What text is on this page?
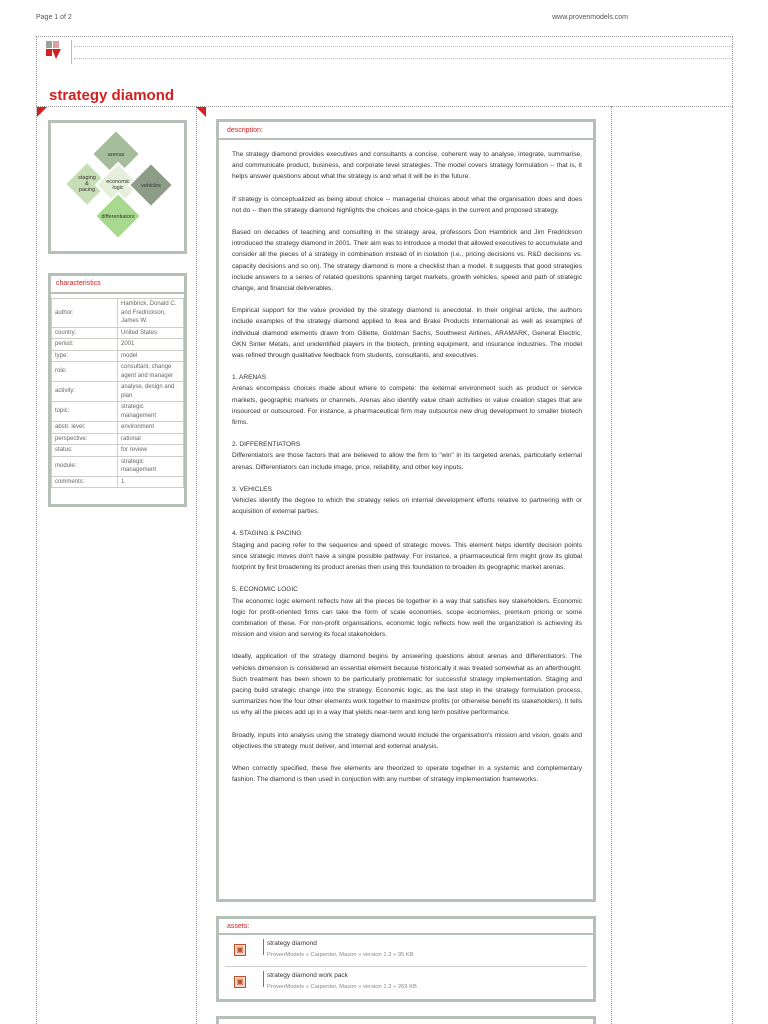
Page 1 of 2	www.provenmodels.com
strategy diamond
arenas
staging
&
pacing
economic
logic	vehicles
differentiators
characteristics
author:	Hambrick, Donald C. and Fredrickson, James W.
country:	United States
period:	2001
type:	model
role:	consultant, change agent and manager
activity:	analyse, design and plan
topic:	strategic management
abstr. level:	environment
perspective:	rational
status:	for review
module:	strategic management
comments:	1
description:

The strategy diamond provides executives and consultants a concise, coherent way to analyse, integrate, summarise, and communicate product, business, and corporate level strategies. The model covers strategy formulation -- that is, it helps answer questions about what the strategy is and what it will be in the future.

If strategy is conceptualized as being about choice -- managerial choices about what the organisation does and does not do -- then the strategy diamond highlights the choices and choice-gaps in the current and proposed strategy.

Based on decades of teaching and consulting in the strategy area, professors Don Hambrick and Jim Fredrickson introduced the strategy diamond in 2001. Their aim was to introduce a model that allowed executives to accumulate and consider all the pieces of a strategy in combination instead of in isolation (i.e., pricing decisions vs. R&D decisions vs. capacity decisions and so on). The strategy diamond is more a checklist than a model. It suggests that good strategies include answers to a series of related questions spanning target markets, growth vehicles, speed and path of strategic change, and financial deliverables.

Empirical support for the value provided by the strategy diamond is anecdotal. In their original article, the authors include examples of the strategy diamond applied to Ikea and Brake Products International as well as examples of individual diamond elements drawn from Gillette, Goldman Sachs, Southwest Airlines, ARAMARK, General Electric, GKN Sinter Metals, and unidentified players in the biotech, printing equipment, and insurance industries. The model was refined through qualitative feedback from students, consultants, and executives.

1. ARENAS

Arenas encompass choices made about where to compete: the external environment such as product or service markets, geographic markets or channels. Arenas also identify value chain activities or value creation stages that are insourced or outsourced. For instance, a pharmaceutical firm may outsource new drug development to smaller biotech firms.

2. DIFFERENTIATORS

Differentiators are those factors that are believed to allow the firm to "win" in its targeted arenas, particularly external arenas. Differentiators can include image, price, reliability, and other key inputs.

3. VEHICLES

Vehicles identify the degree to which the strategy relies on internal development efforts relative to partnering with or acquisition of external parties.

4. STAGING & PACING

Staging and pacing refer to the sequence and speed of strategic moves. This element helps identify decision points since strategic moves don't have a single possible pathway. For instance, a pharmaceutical firm might grow its global footprint by first broadening its product arenas then using this foundation to broaden its geographic market arenas.

5. ECONOMIC LOGIC

The economic logic element reflects how all the pieces tie together in a way that satisfies key stakeholders. Economic logic for profit-oriented firms can take the form of scale economies, scope economies, premium pricing or some combination of these. For non-profit organisations, economic logic reflects how well the organization is achieving its mission and vision and serving its focal stakeholders.

Ideally, application of the strategy diamond begins by answering questions about arenas and differentiators. The vehicles dimension is considered an essential element because historically it was treated somewhat as an afterthought. Such treatment has been shown to be particularly problematic for successful strategy implementation. Staging and pacing build strategic change into the strategy. Economic logic, as the last step in the strategy formulation process, summarizes how the four other elements work together to maximize profits (or otherwise benefit its stakeholders). It tells us why all the pieces add up in a way that yields near-term and long term positive performance.

Broadly, inputs into analysis using the strategy diamond would include the organisation's mission and vision, goals and objectives the strategy must deliver, and internal and external analysis.

When correctly specified, these five elements are theorized to operate together in a systemic and complementary fashion. The diamond is then used in conjuction with any number of strategy implementation frameworks.

assets:
▣
strategy diamond
ProvenModels » Carpenter, Mason » version 1.3 » 95 KB
▣
strategy diamond work pack
ProvenModels » Carpenter, Mason » version 1.3 » 269 KB
